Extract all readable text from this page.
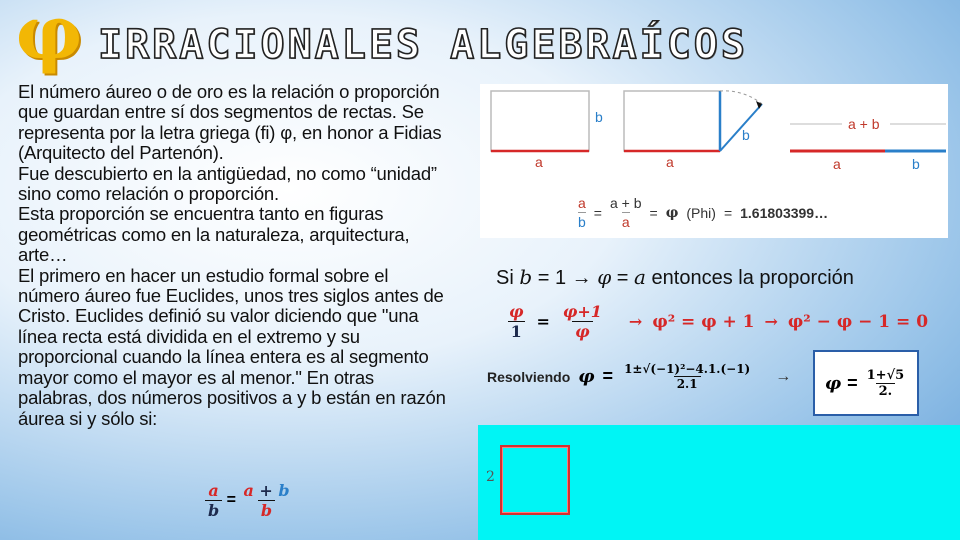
φ IRRACIONALES ALGEBRAÍCOS

El número áureo o de oro es la relación o proporción que guardan entre sí dos segmentos de rectas. Se representa por la letra griega (fi) φ, en honor a Fidias (Arquitecto del Partenón).

Fue descubierto en la antigüedad, no como “unidad” sino como relación o proporción.

Esta proporción se encuentra tanto en figuras geométricas como en la naturaleza, arquitectura, arte…

El primero en hacer un estudio formal sobre el número áureo fue Euclides, unos tres siglos antes de Cristo. Euclides definió su valor diciendo que "una línea recta está dividida en el extremo y su proporcional cuando la línea entera es al segmento mayor como el mayor es al menor." En otras palabras, dos números positivos a y b están en razón áurea si y sólo si:

$\frac{a}{b} = \frac{a + b}{b}$
b
a
b
a
a + b
a	b
$\frac{a}{b} = \frac{a + b}{a} = \varphi$ (Phi) = 1.61803399…
Si b = 1 → φ = a entonces la proporción
$\frac{\varphi}{1} = \frac{\varphi+1}{\varphi} \to \varphi^2 = \varphi + 1 \to \varphi^2 - \varphi - 1 = 0$
Resolviendo $\varphi = \frac{\text{1±√(−1)²−4.1.(−1)}}{2.1} \to \varphi = \frac{1+√5}{2.}$
2
